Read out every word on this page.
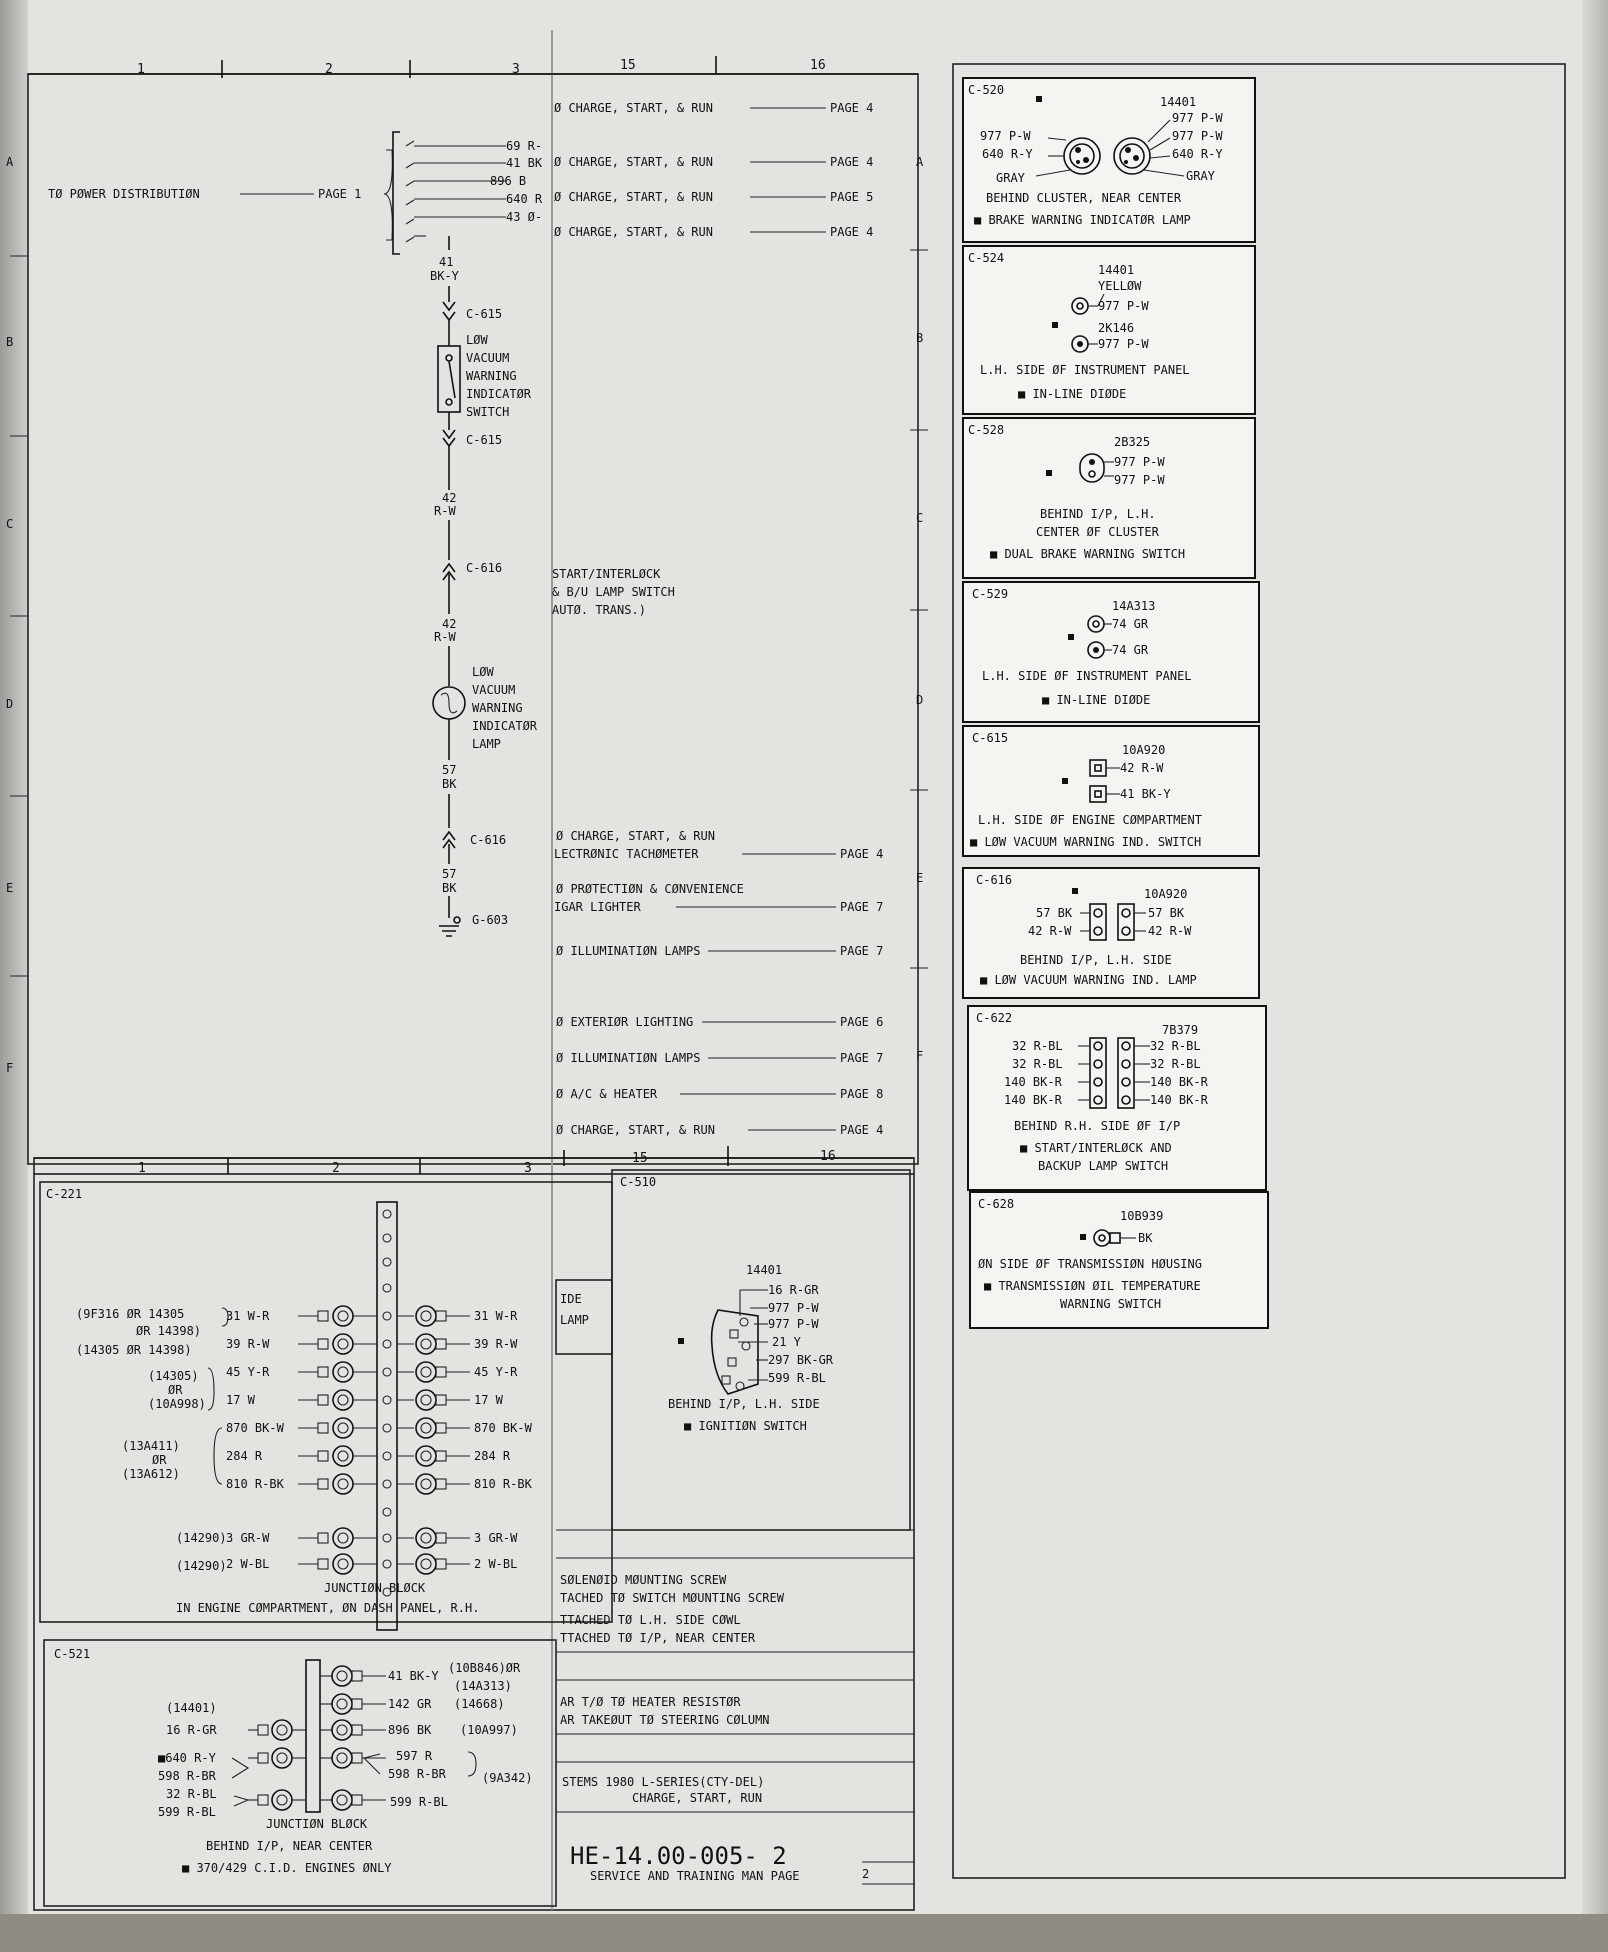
1	2	3	15	16
A
B
C
D
E
F
A
B
C
D
E
F
TØ PØWER DISTRIBUTIØN	PAGE 1
69 R-
41 BK
896 B
640 R
43 Ø-
Ø CHARGE, START, & RUN	PAGE 4
Ø CHARGE, START, & RUN	PAGE 4
Ø CHARGE, START, & RUN	PAGE 5
Ø CHARGE, START, & RUN	PAGE 4
41
BK-Y
C-615
LØW
VACUUM
WARNING
INDICATØR
SWITCH
C-615
42
R-W
C-616
42
R-W
LØW
VACUUM
WARNING
INDICATØR
LAMP
57
BK
C-616
57
BK
G-603
START/INTERLØCK
& B/U LAMP SWITCH
AUTØ. TRANS.)
Ø CHARGE, START, & RUN
LECTRØNIC TACHØMETER	PAGE 4
Ø PRØTECTIØN & CØNVENIENCE
IGAR LIGHTER	PAGE 7
Ø ILLUMINATIØN LAMPS	PAGE 7
Ø EXTERIØR LIGHTING	PAGE 6
Ø ILLUMINATIØN LAMPS	PAGE 7
Ø A/C & HEATER	PAGE 8
Ø CHARGE, START, & RUN	PAGE 4
1	2	3
15	16
C-221
31 W-R	31 W-R
39 R-W	39 R-W
45 Y-R	45 Y-R
17 W	17 W
870 BK-W	870 BK-W
284 R	284 R
810 R-BK	810 R-BK
3 GR-W	3 GR-W
2 W-BL	2 W-BL
(9F316 ØR 14305
ØR 14398)
(14305 ØR 14398)
(14305)
ØR
(10A998)
(13A411)
ØR
(13A612)
(14290)
(14290)
JUNCTIØN BLØCK
IN ENGINE CØMPARTMENT, ØN DASH PANEL, R.H.
IDE
LAMP
C-510
14401
16 R-GR
977 P-W
977 P-W
21 Y
297 BK-GR
599 R-BL
BEHIND I/P, L.H. SIDE
■ IGNITIØN SWITCH
SØLENØID MØUNTING SCREW
TACHED TØ SWITCH MØUNTING SCREW
TTACHED TØ L.H. SIDE CØWL
TTACHED TØ I/P, NEAR CENTER
AR T/Ø TØ HEATER RESISTØR
AR TAKEØUT TØ STEERING CØLUMN
STEMS 1980 L-SERIES(CTY-DEL)
CHARGE, START, RUN
HE-14.00-005- 2
SERVICE AND TRAINING MAN PAGE	2
C-521
(14401)
16 R-GR
■640 R-Y
598 R-BR
32 R-BL
599 R-BL
41 BK-Y
(10B846)ØR
(14A313)
142 GR (14668)
896 BK (10A997)
597 R
598 R-BR	(9A342)
599 R-BL
JUNCTIØN BLØCK
BEHIND I/P, NEAR CENTER
■ 370/429 C.I.D. ENGINES ØNLY
C-520
14401
977 P-W
640 R-Y
GRAY
977 P-W
977 P-W
640 R-Y
GRAY
BEHIND CLUSTER, NEAR CENTER
■ BRAKE WARNING INDICATØR LAMP
C-524
14401
YELLØW
977 P-W
2K146
977 P-W
L.H. SIDE ØF INSTRUMENT PANEL
■ IN-LINE DIØDE
C-528
2B325
977 P-W
977 P-W
BEHIND I/P, L.H.
CENTER ØF CLUSTER
■ DUAL BRAKE WARNING SWITCH
C-529
14A313
74 GR
74 GR
L.H. SIDE ØF INSTRUMENT PANEL
■ IN-LINE DIØDE
C-615
10A920
42 R-W
41 BK-Y
L.H. SIDE ØF ENGINE CØMPARTMENT
■ LØW VACUUM WARNING IND. SWITCH
C-616
10A920
57 BK
42 R-W
57 BK
42 R-W
BEHIND I/P, L.H. SIDE
■ LØW VACUUM WARNING IND. LAMP
C-622
7B379
32 R-BL
32 R-BL
140 BK-R
140 BK-R
32 R-BL
32 R-BL
140 BK-R
140 BK-R
BEHIND R.H. SIDE ØF I/P
■ START/INTERLØCK AND
BACKUP LAMP SWITCH
C-628
10B939
BK
ØN SIDE ØF TRANSMISSIØN HØUSING
■ TRANSMISSIØN ØIL TEMPERATURE
WARNING SWITCH
